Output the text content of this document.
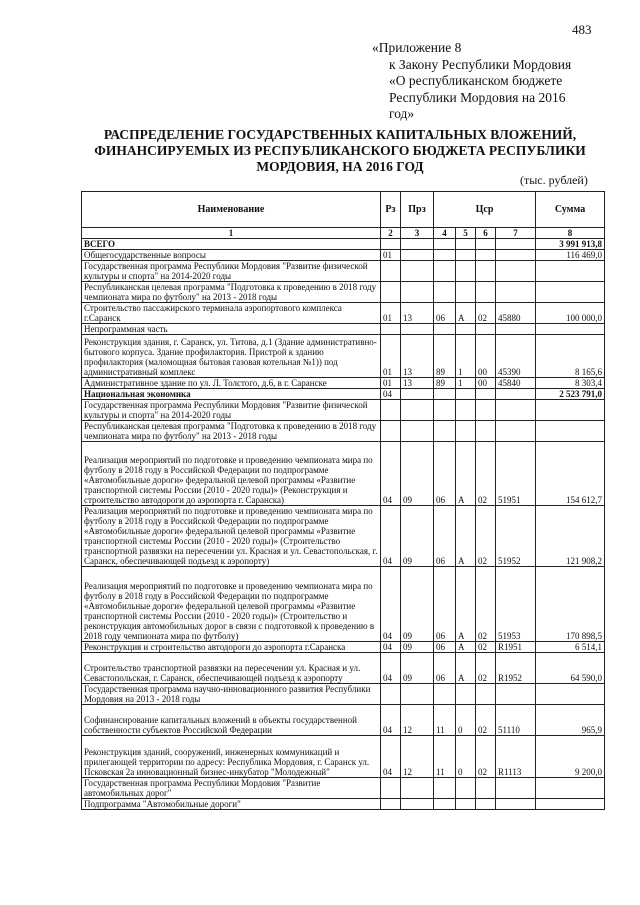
483
«Приложение 8
к Закону Республики Мордовия
«О республиканском бюджете
Республики Мордовия на 2016
год»
РАСПРЕДЕЛЕНИЕ ГОСУДАРСТВЕННЫХ КАПИТАЛЬНЫХ ВЛОЖЕНИЙ,
ФИНАНСИРУЕМЫХ ИЗ РЕСПУБЛИКАНСКОГО БЮДЖЕТА РЕСПУБЛИКИ
МОРДОВИЯ, НА 2016 ГОД
(тыс. рублей)
Наименование	Рз	Прз	Цср				Сумма
1	2	3	4	5	6	7	8
ВСЕГО							3 991 913,8
Общегосударственные вопросы	01						116 469,0
Государственная программа Республики Мордовия "Развитие физической культуры и спорта" на 2014-2020 годы							
Республиканская целевая программа "Подготовка к проведению в 2018 году чемпионата мира по футболу" на 2013 - 2018 годы							
Строительство пассажирского терминала аэропортового комплекса г.Саранск	01	13	06	А	02	45880	100 000,0
Непрограммная часть							
Реконструкция здания, г. Саранск, ул. Титова, д.1 (Здание административно-бытового корпуса. Здание профилактория. Пристрой к зданию профилактория (маломощная бытовая газовая котельная №1)) под административный комплекс	01	13	89	1	00	45390	8 165,6
Административное здание по ул. Л. Толстого, д.6, в г. Саранске	01	13	89	1	00	45840	8 303,4
Национальная экономика	04						2 523 791,0
Государственная программа Республики Мордовия "Развитие физической культуры и спорта" на 2014-2020 годы							
Республиканская целевая программа "Подготовка к проведению в 2018 году чемпионата мира по футболу" на 2013 - 2018 годы							
Реализация мероприятий по подготовке и проведению чемпионата мира по футболу в 2018 году в Российской Федерации по подпрограмме «Автомобильные дороги» федеральной целевой программы «Развитие транспортной системы России (2010 - 2020 годы)» (Реконструкция и строительство автодороги до аэропорта г. Саранска)	04	09	06	А	02	51951	154 612,7
Реализация мероприятий по подготовке и проведению чемпионата мира по футболу в 2018 году в Российской Федерации по подпрограмме «Автомобильные дороги» федеральной целевой программы «Развитие транспортной системы России (2010 - 2020 годы)» (Строительство транспортной развязки на пересечении ул. Красная и ул. Севастопольская, г. Саранск, обеспечивающей подъезд к аэропорту)	04	09	06	А	02	51952	121 908,2
Реализация мероприятий по подготовке и проведению чемпионата мира по футболу в 2018 году в Российской Федерации по подпрограмме «Автомобильные дороги» федеральной целевой программы «Развитие транспортной системы России (2010 - 2020 годы)» (Строительство и реконструкция автомобильных дорог в связи с подготовкой к проведению в 2018 году чемпионата мира по футболу)	04	09	06	А	02	51953	170 898,5
Реконструкция и строительство автодороги до аэропорта г.Саранска	04	09	06	А	02	R1951	6 514,1
Строительство транспортной развязки на пересечении ул. Красная и ул. Севастопольская, г. Саранск, обеспечивающей подъезд к аэропорту	04	09	06	А	02	R1952	64 590,0
Государственная программа научно-инновационного развития Республики Мордовия на 2013 - 2018 годы							
Софинансирование капитальных вложений в объекты государственной собственности субъектов Российской Федерации	04	12	11	0	02	51110	965,9
Реконструкция зданий, сооружений, инженерных коммуникаций и прилегающей территории по адресу: Республика Мордовия, г. Саранск ул. Псковская 2а инновационный бизнес-инкубатор "Молодежный"	04	12	11	0	02	R1113	9 200,0
Государственная программа Республики Мордовия "Развитие автомобильных дорог"							
Подпрограмма "Автомобильные дороги"							
